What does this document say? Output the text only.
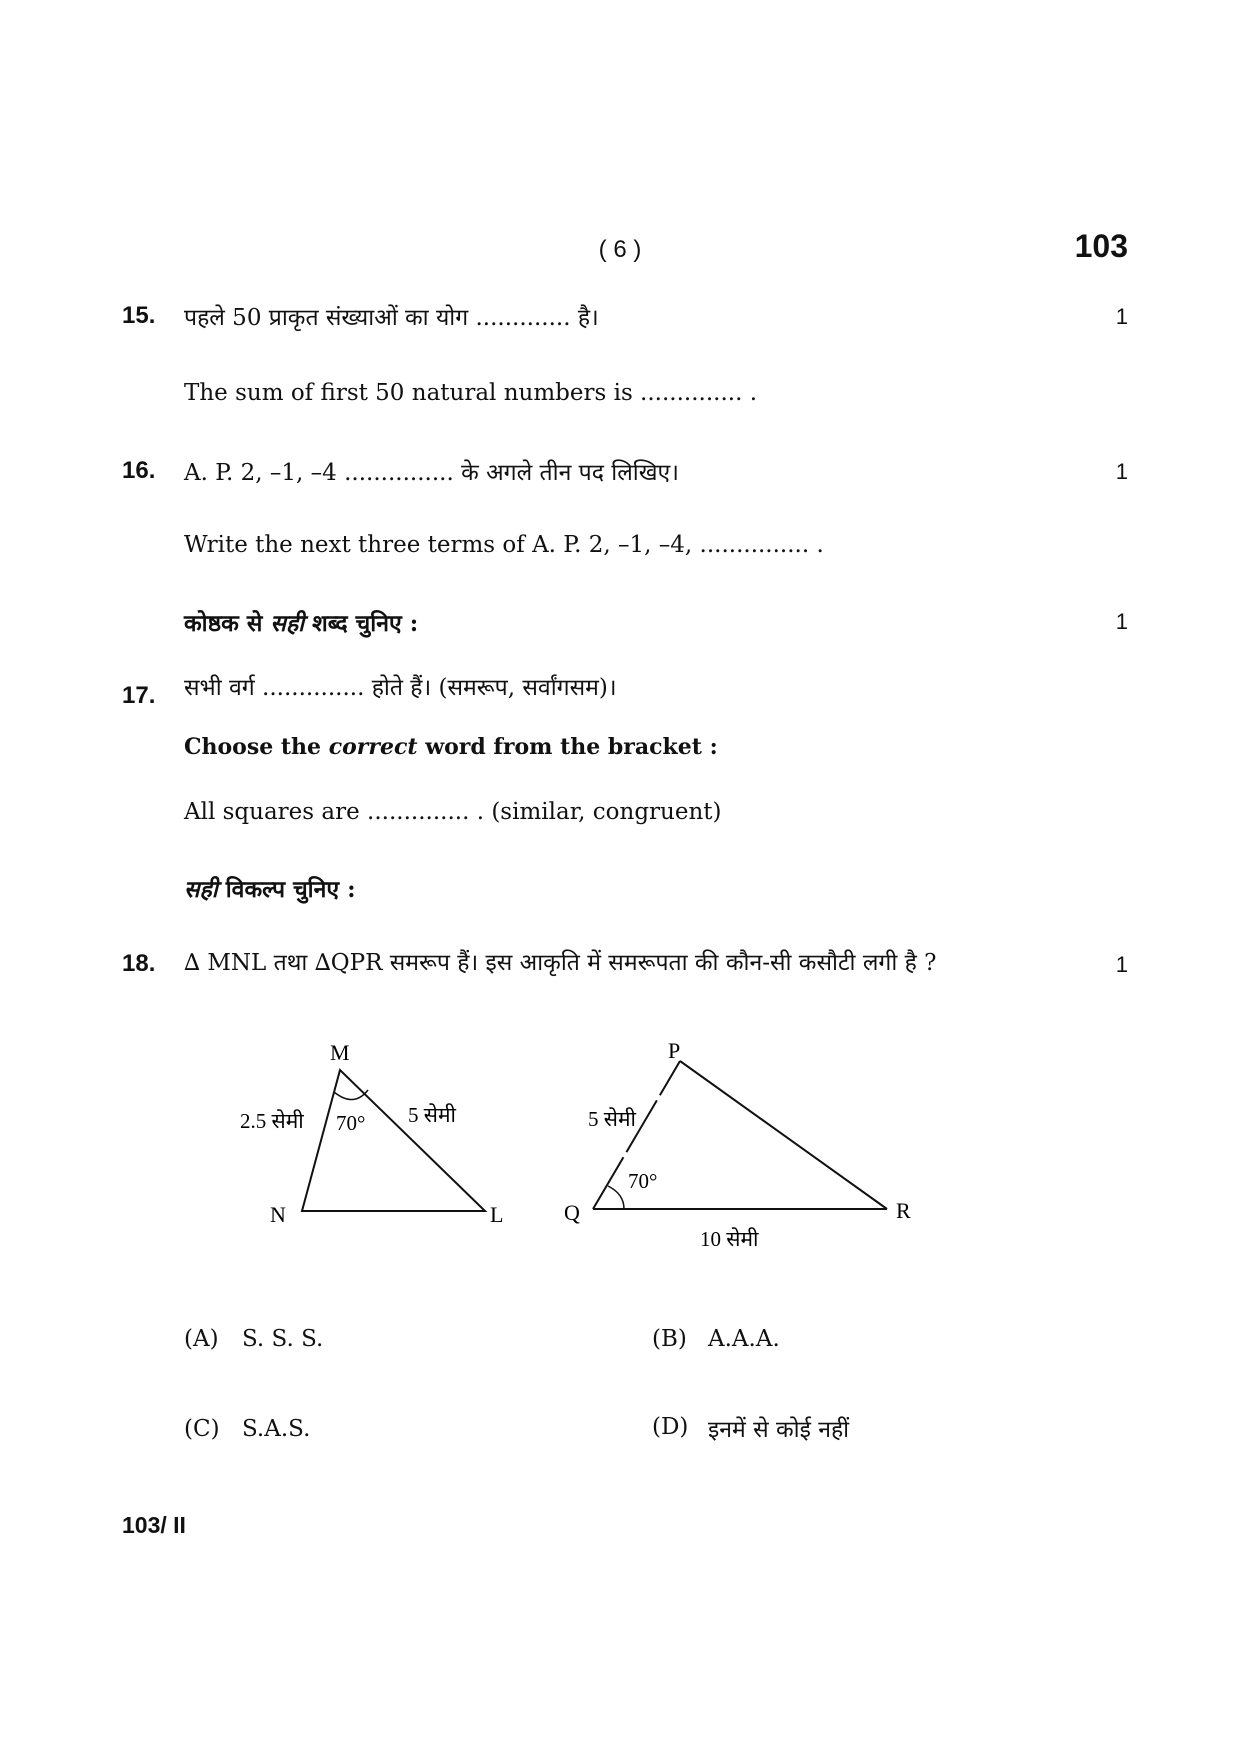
( 6 )	103
15. पहले 50 प्राकृत संख्याओं का योग ............. है।	1
The sum of first 50 natural numbers is .............. .
16. A. P. 2, –1, –4 ............... के अगले तीन पद लिखिए।	1
Write the next three terms of A. P. 2, –1, –4, ............... .
कोष्ठक से सही शब्द चुनिए :	1
17. सभी वर्ग .............. होते हैं। (समरूप, सर्वांगसम)।
Choose the correct word from the bracket :
All squares are .............. . (similar, congruent)
सही विकल्प चुनिए :
18. ∆ MNL तथा ∆QPR समरूप हैं। इस आकृति में समरूपता की कौन-सी कसौटी लगी है ?	1
M
N	L
2.5 सेमी	5 सेमी
70°
P
Q	R
5 सेमी
10 सेमी
70°
(A) S. S. S.	(B) A.A.A.
(C) S.A.S.	(D) इनमें से कोई नहीं
103/ II
